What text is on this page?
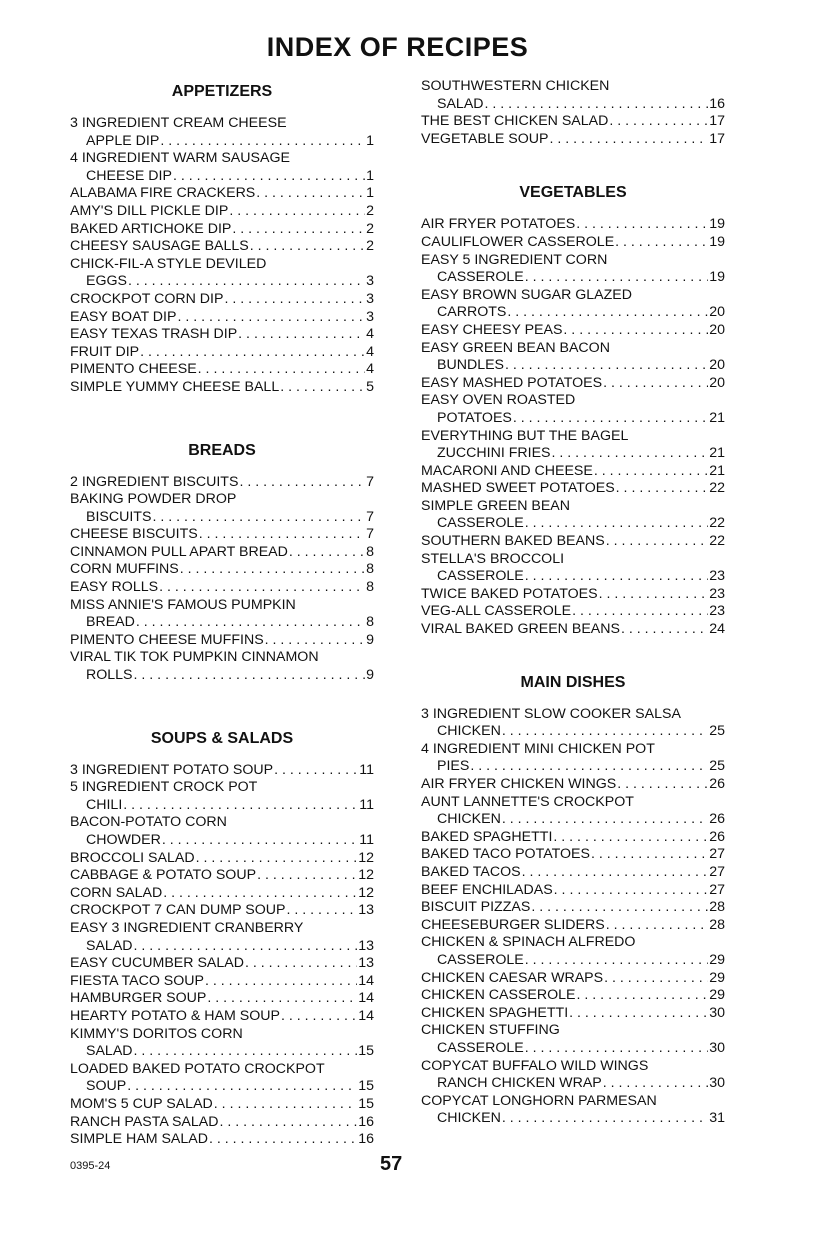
INDEX OF RECIPES
APPETIZERS
3 INGREDIENT CREAM CHEESE
APPLE DIP . . .	1
4 INGREDIENT WARM SAUSAGE
CHEESE DIP . . .	1
ALABAMA FIRE CRACKERS . . .	1
AMY'S DILL PICKLE DIP . . .	2
BAKED ARTICHOKE DIP . . .	2
CHEESY SAUSAGE BALLS . . .	2
CHICK-FIL-A STYLE DEVILED
EGGS . . .	3
CROCKPOT CORN DIP . . .	3
EASY BOAT DIP . . .	3
EASY TEXAS TRASH DIP . . .	4
FRUIT DIP . . .	4
PIMENTO CHEESE . . .	4
SIMPLE YUMMY CHEESE BALL . . .	5
BREADS
2 INGREDIENT BISCUITS . . .	7
BAKING POWDER DROP
BISCUITS . . .	7
CHEESE BISCUITS . . .	7
CINNAMON PULL APART BREAD . . .	8
CORN MUFFINS . . .	8
EASY ROLLS . . .	8
MISS ANNIE'S FAMOUS PUMPKIN
BREAD . . .	8
PIMENTO CHEESE MUFFINS . . .	9
VIRAL TIK TOK PUMPKIN CINNAMON
ROLLS . . .	9
SOUPS & SALADS
3 INGREDIENT POTATO SOUP . . .	11
5 INGREDIENT CROCK POT
CHILI . . .	11
BACON-POTATO CORN
CHOWDER . . .	11
BROCCOLI SALAD . . .	12
CABBAGE & POTATO SOUP . . .	12
CORN SALAD . . .	12
CROCKPOT 7 CAN DUMP SOUP . . .	13
EASY 3 INGREDIENT CRANBERRY
SALAD . . .	13
EASY CUCUMBER SALAD . . .	13
FIESTA TACO SOUP . . .	14
HAMBURGER SOUP . . .	14
HEARTY POTATO & HAM SOUP . . .	14
KIMMY'S DORITOS CORN
SALAD . . .	15
LOADED BAKED POTATO CROCKPOT
SOUP . . .	15
MOM'S 5 CUP SALAD . . .	15
RANCH PASTA SALAD . . .	16
SIMPLE HAM SALAD . . .	16
SOUTHWESTERN CHICKEN
SALAD . . .	16
THE BEST CHICKEN SALAD . . .	17
VEGETABLE SOUP . . .	17
VEGETABLES
AIR FRYER POTATOES . . .	19
CAULIFLOWER CASSEROLE . . .	19
EASY 5 INGREDIENT CORN
CASSEROLE . . .	19
EASY BROWN SUGAR GLAZED
CARROTS . . .	20
EASY CHEESY PEAS . . .	20
EASY GREEN BEAN BACON
BUNDLES . . .	20
EASY MASHED POTATOES . . .	20
EASY OVEN ROASTED
POTATOES . . .	21
EVERYTHING BUT THE BAGEL
ZUCCHINI FRIES . . .	21
MACARONI AND CHEESE . . .	21
MASHED SWEET POTATOES . . .	22
SIMPLE GREEN BEAN
CASSEROLE . . .	22
SOUTHERN BAKED BEANS . . .	22
STELLA'S BROCCOLI
CASSEROLE . . .	23
TWICE BAKED POTATOES . . .	23
VEG-ALL CASSEROLE . . .	23
VIRAL BAKED GREEN BEANS . . .	24
MAIN DISHES
3 INGREDIENT SLOW COOKER SALSA
CHICKEN . . .	25
4 INGREDIENT MINI CHICKEN POT
PIES . . .	25
AIR FRYER CHICKEN WINGS . . .	26
AUNT LANNETTE'S CROCKPOT
CHICKEN . . .	26
BAKED SPAGHETTI . . .	26
BAKED TACO POTATOES . . .	27
BAKED TACOS . . .	27
BEEF ENCHILADAS . . .	27
BISCUIT PIZZAS . . .	28
CHEESEBURGER SLIDERS . . .	28
CHICKEN & SPINACH ALFREDO
CASSEROLE . . .	29
CHICKEN CAESAR WRAPS . . .	29
CHICKEN CASSEROLE . . .	29
CHICKEN SPAGHETTI . . .	30
CHICKEN STUFFING
CASSEROLE . . .	30
COPYCAT BUFFALO WILD WINGS
RANCH CHICKEN WRAP . . .	30
COPYCAT LONGHORN PARMESAN
CHICKEN . . .	31
0395-24	57
